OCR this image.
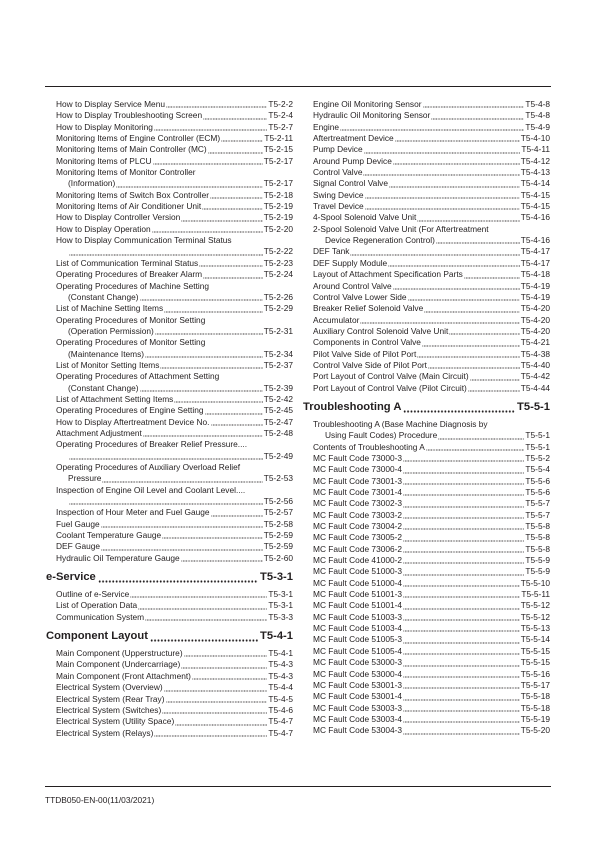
How to Display Service Menu	T5-2-2
How to Display Troubleshooting Screen	T5-2-4
How to Display Monitoring	T5-2-7
Monitoring Items of Engine Controller (ECM)	T5-2-11
Monitoring Items of Main Controller (MC)	T5-2-15
Monitoring Items of PLCU	T5-2-17
Monitoring Items of Monitor Controller
(Information)	T5-2-17
Monitoring Items of Switch Box Controller	T5-2-18
Monitoring Items of Air Conditioner Unit	T5-2-19
How to Display Controller Version	T5-2-19
How to Display Operation	T5-2-20
How to Display Communication Terminal Status
T5-2-22
List of Communication Terminal Status	T5-2-23
Operating Procedures of Breaker Alarm	T5-2-24
Operating Procedures of Machine Setting
(Constant Change)	T5-2-26
List of Machine Setting Items	T5-2-29
Operating Procedures of Monitor Setting
(Operation Permission)	T5-2-31
Operating Procedures of Monitor Setting
(Maintenance Items)	T5-2-34
List of Monitor Setting Items	T5-2-37
Operating Procedures of Attachment Setting
(Constant Change)	T5-2-39
List of Attachment Setting Items	T5-2-42
Operating Procedures of Engine Setting	T5-2-45
How to Display Aftertreatment Device No.	T5-2-47
Attachment Adjustment	T5-2-48
Operating Procedures of Breaker Relief Pressure....
T5-2-49
Operating Procedures of Auxiliary Overload Relief
Pressure	T5-2-53
Inspection of Engine Oil Level and Coolant Level....
T5-2-56
Inspection of Hour Meter and Fuel Gauge	T5-2-57
Fuel Gauge	T5-2-58
Coolant Temperature Gauge	T5-2-59
DEF Gauge	T5-2-59
Hydraulic Oil Temperature Gauge	T5-2-60
e-Service	T5-3-1
Outline of e-Service	T5-3-1
List of Operation Data	T5-3-1
Communication System	T5-3-3
Component Layout	T5-4-1
Main Component (Upperstructure)	T5-4-1
Main Component (Undercarriage)	T5-4-3
Main Component (Front Attachment)	T5-4-3
Electrical System (Overview)	T5-4-4
Electrical System (Rear Tray)	T5-4-5
Electrical System (Switches)	T5-4-6
Electrical System (Utility Space)	T5-4-7
Electrical System (Relays)	T5-4-7
Engine Oil Monitoring Sensor	T5-4-8
Hydraulic Oil Monitoring Sensor	T5-4-8
Engine	T5-4-9
Aftertreatment Device	T5-4-10
Pump Device	T5-4-11
Around Pump Device	T5-4-12
Control Valve	T5-4-13
Signal Control Valve	T5-4-14
Swing Device	T5-4-15
Travel Device	T5-4-15
4-Spool Solenoid Valve Unit	T5-4-16
2-Spool Solenoid Valve Unit (For Aftertreatment
Device Regeneration Control)	T5-4-16
DEF Tank	T5-4-17
DEF Supply Module	T5-4-17
Layout of Attachment Specification Parts	T5-4-18
Around Control Valve	T5-4-19
Control Valve Lower Side	T5-4-19
Breaker Relief Solenoid Valve	T5-4-20
Accumulator	T5-4-20
Auxiliary Control Solenoid Valve Unit	T5-4-20
Components in Control Valve	T5-4-21
Pilot Valve Side of Pilot Port	T5-4-38
Control Valve Side of Pilot Port	T5-4-40
Port Layout of Control Valve (Main Circuit)	T5-4-42
Port Layout of Control Valve (Pilot Circuit)	T5-4-44
Troubleshooting A	T5-5-1
Troubleshooting A (Base Machine Diagnosis by
Using Fault Codes) Procedure	T5-5-1
Contents of Troubleshooting A	T5-5-1
MC Fault Code 73000-3	T5-5-2
MC Fault Code 73000-4	T5-5-4
MC Fault Code 73001-3	T5-5-6
MC Fault Code 73001-4	T5-5-6
MC Fault Code 73002-3	T5-5-7
MC Fault Code 73003-2	T5-5-7
MC Fault Code 73004-2	T5-5-8
MC Fault Code 73005-2	T5-5-8
MC Fault Code 73006-2	T5-5-8
MC Fault Code 41000-2	T5-5-9
MC Fault Code 51000-3	T5-5-9
MC Fault Code 51000-4	T5-5-10
MC Fault Code 51001-3	T5-5-11
MC Fault Code 51001-4	T5-5-12
MC Fault Code 51003-3	T5-5-12
MC Fault Code 51003-4	T5-5-13
MC Fault Code 51005-3	T5-5-14
MC Fault Code 51005-4	T5-5-15
MC Fault Code 53000-3	T5-5-15
MC Fault Code 53000-4	T5-5-16
MC Fault Code 53001-3	T5-5-17
MC Fault Code 53001-4	T5-5-18
MC Fault Code 53003-3	T5-5-18
MC Fault Code 53003-4	T5-5-19
MC Fault Code 53004-3	T5-5-20
TTDB050-EN-00(11/03/2021)
